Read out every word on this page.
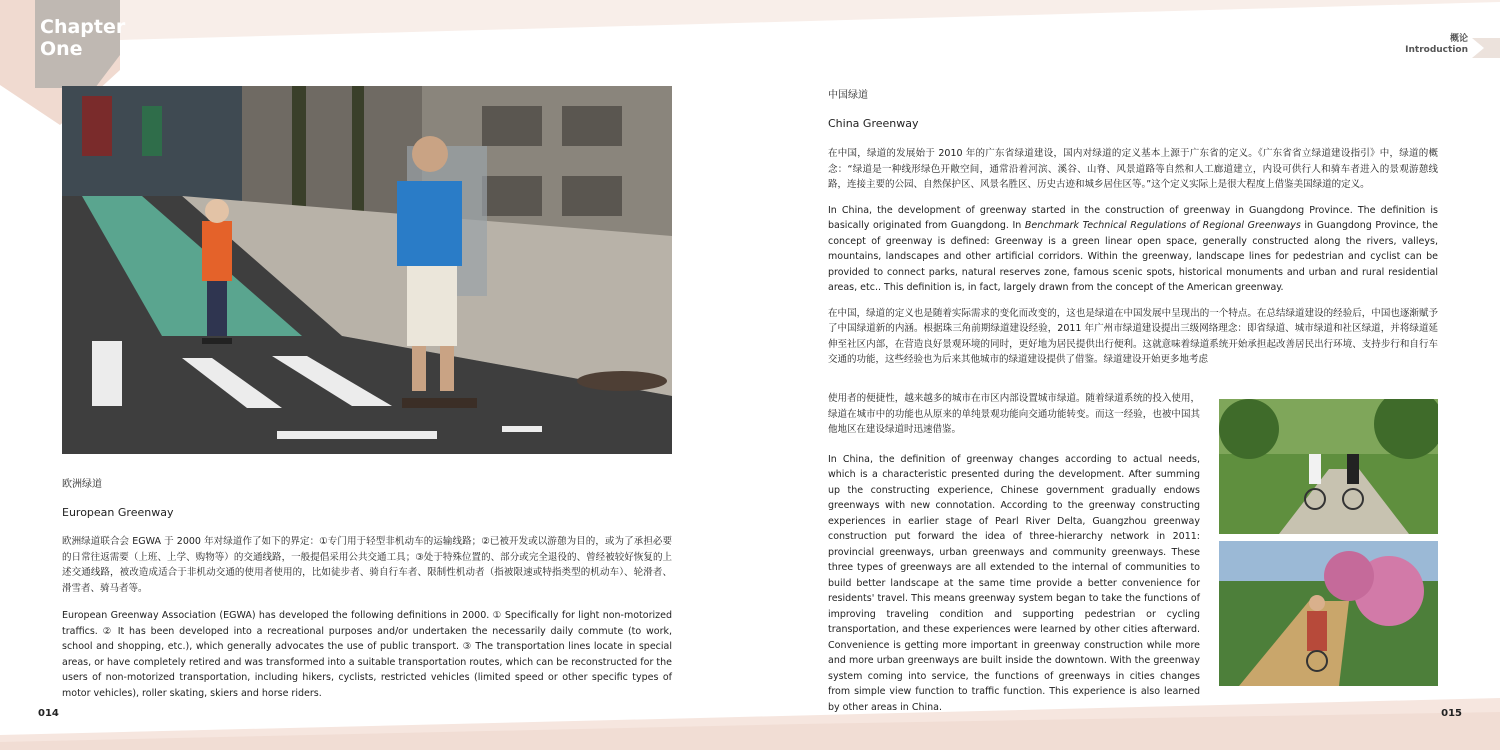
Chapter
One	概论
Introduction
欧洲绿道
European Greenway

欧洲绿道联合会 EGWA 于 2000 年对绿道作了如下的界定：①专门用于轻型非机动车的运输线路；②已被开发或以游憩为目的，或为了承担必要的日常往返需要（上班、上学、购物等）的交通线路，一般提倡采用公共交通工具；③处于特殊位置的、部分或完全退役的、曾经被较好恢复的上述交通线路，被改造成适合于非机动交通的使用者使用的，比如徒步者、骑自行车者、限制性机动者（指被限速或特指类型的机动车）、轮滑者、滑雪者、骑马者等。

European Greenway Association (EGWA) has developed the following definitions in 2000. ① Specifically for light non-motorized traffics. ② It has been developed into a recreational purposes and/or undertaken the necessarily daily commute (to work, school and shopping, etc.), which generally advocates the use of public transport. ③ The transportation lines locate in special areas, or have completely retired and was transformed into a suitable transportation routes, which can be reconstructed for the users of non-motorized transportation, including hikers, cyclists, restricted vehicles (limited speed or other specific types of motor vehicles), roller skating, skiers and horse riders.

014
中国绿道
China Greenway

在中国，绿道的发展始于 2010 年的广东省绿道建设，国内对绿道的定义基本上源于广东省的定义。《广东省省立绿道建设指引》中，绿道的概念：“绿道是一种线形绿色开敞空间，通常沿着河滨、溪谷、山脊、风景道路等自然和人工廊道建立，内设可供行人和骑车者进入的景观游憩线路，连接主要的公园、自然保护区、风景名胜区、历史古迹和城乡居住区等。”这个定义实际上是很大程度上借鉴美国绿道的定义。

In China, the development of greenway started in the construction of greenway in Guangdong Province. The definition is basically originated from Guangdong. In Benchmark Technical Regulations of Regional Greenways in Guangdong Province, the concept of greenway is defined: Greenway is a green linear open space, generally constructed along the rivers, valleys, mountains, landscapes and other artificial corridors. Within the greenway, landscape lines for pedestrian and cyclist can be provided to connect parks, natural reserves zone, famous scenic spots, historical monuments and urban and rural residential areas, etc.. This definition is, in fact, largely drawn from the concept of the American greenway.

在中国，绿道的定义也是随着实际需求的变化而改变的，这也是绿道在中国发展中呈现出的一个特点。在总结绿道建设的经验后，中国也逐渐赋予了中国绿道新的内涵。根据珠三角前期绿道建设经验，2011 年广州市绿道建设提出三级网络理念：即省绿道、城市绿道和社区绿道，并将绿道延伸至社区内部，在营造良好景观环境的同时，更好地为居民提供出行便利。这就意味着绿道系统开始承担起改善居民出行环境、支持步行和自行车交通的功能，这些经验也为后来其他城市的绿道建设提供了借鉴。绿道建设开始更多地考虑

使用者的便捷性，越来越多的城市在市区内部设置城市绿道。随着绿道系统的投入使用，绿道在城市中的功能也从原来的单纯景观功能向交通功能转变。而这一经验，也被中国其他地区在建设绿道时迅速借鉴。

In China, the definition of greenway changes according to actual needs, which is a characteristic presented during the development. After summing up the constructing experience, Chinese government gradually endows greenways with new connotation. According to the greenway constructing experiences in earlier stage of Pearl River Delta, Guangzhou greenway construction put forward the idea of three-hierarchy network in 2011: provincial greenways, urban greenways and community greenways. These three types of greenways are all extended to the internal of communities to build better landscape at the same time provide a better convenience for residents' travel. This means greenway system began to take the functions of improving traveling condition and supporting pedestrian or cycling transportation, and these experiences were learned by other cities afterward. Convenience is getting more important in greenway construction while more and more urban greenways are built inside the downtown. With the greenway system coming into service, the functions of greenways in cities changes from simple view function to traffic function. This experience is also learned by other areas in China.

015
